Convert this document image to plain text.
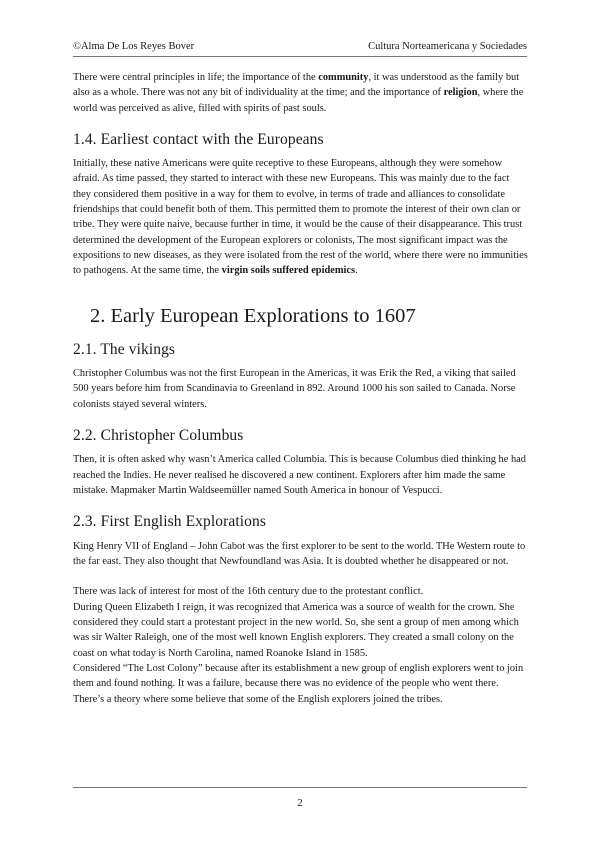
©Alma De Los Reyes Bover	Cultura Norteamericana y Sociedades

There were central principles in life; the importance of the community, it was understood as the family but also as a whole. There was not any bit of individuality at the time; and the importance of religion, where the world was perceived as alive, filled with spirits of past souls.

1.4. Earliest contact with the Europeans

Initially, these native Americans were quite receptive to these Europeans, although they were somehow afraid. As time passed, they started to interact with these new Europeans. This was mainly due to the fact they considered them positive in a way for them to evolve, in terms of trade and alliances to consolidate friendships that could benefit both of them. This permitted them to promote the interest of their own clan or tribe. They were quite naive, because further in time, it would be the cause of their disappearance. This trust determined the development of the European explorers or colonists, The most significant impact was the expositions to new diseases, as they were isolated from the rest of the world, where there were no immunities to pathogens. At the same time, the virgin soils suffered epidemics.

2. Early European Explorations to 1607
2.1. The vikings

Christopher Columbus was not the first European in the Americas, it was Erik the Red, a viking that sailed 500 years before him from Scandinavia to Greenland in 892. Around 1000 his son sailed to Canada. Norse colonists stayed several winters.

2.2. Christopher Columbus

Then, it is often asked why wasn’t America called Columbia. This is because Columbus died thinking he had reached the Indies. He never realised he discovered a new continent. Explorers after him made the same mistake. Mapmaker Martin Waldseemüller named South America in honour of Vespucci.

2.3. First English Explorations

King Henry VII of England – John Cabot was the first explorer to be sent to the world. THe Western route to the far east. They also thought that Newfoundland was Asia. It is doubted whether he disappeared or not.

There was lack of interest for most of the 16th century due to the protestant conflict.

During Queen Elizabeth I reign, it was recognized that America was a source of wealth for the crown. She considered they could start a protestant project in the new world. So, she sent a group of men among which was sir Walter Raleigh, one of the most well known English explorers. They created a small colony on the coast on what today is North Carolina, named Roanoke Island in 1585.

Considered “The Lost Colony” because after its establishment a new group of english explorers went to join them and found nothing. It was a failure, because there was no evidence of the people who went there. There’s a theory where some believe that some of the English explorers joined the tribes.

2
